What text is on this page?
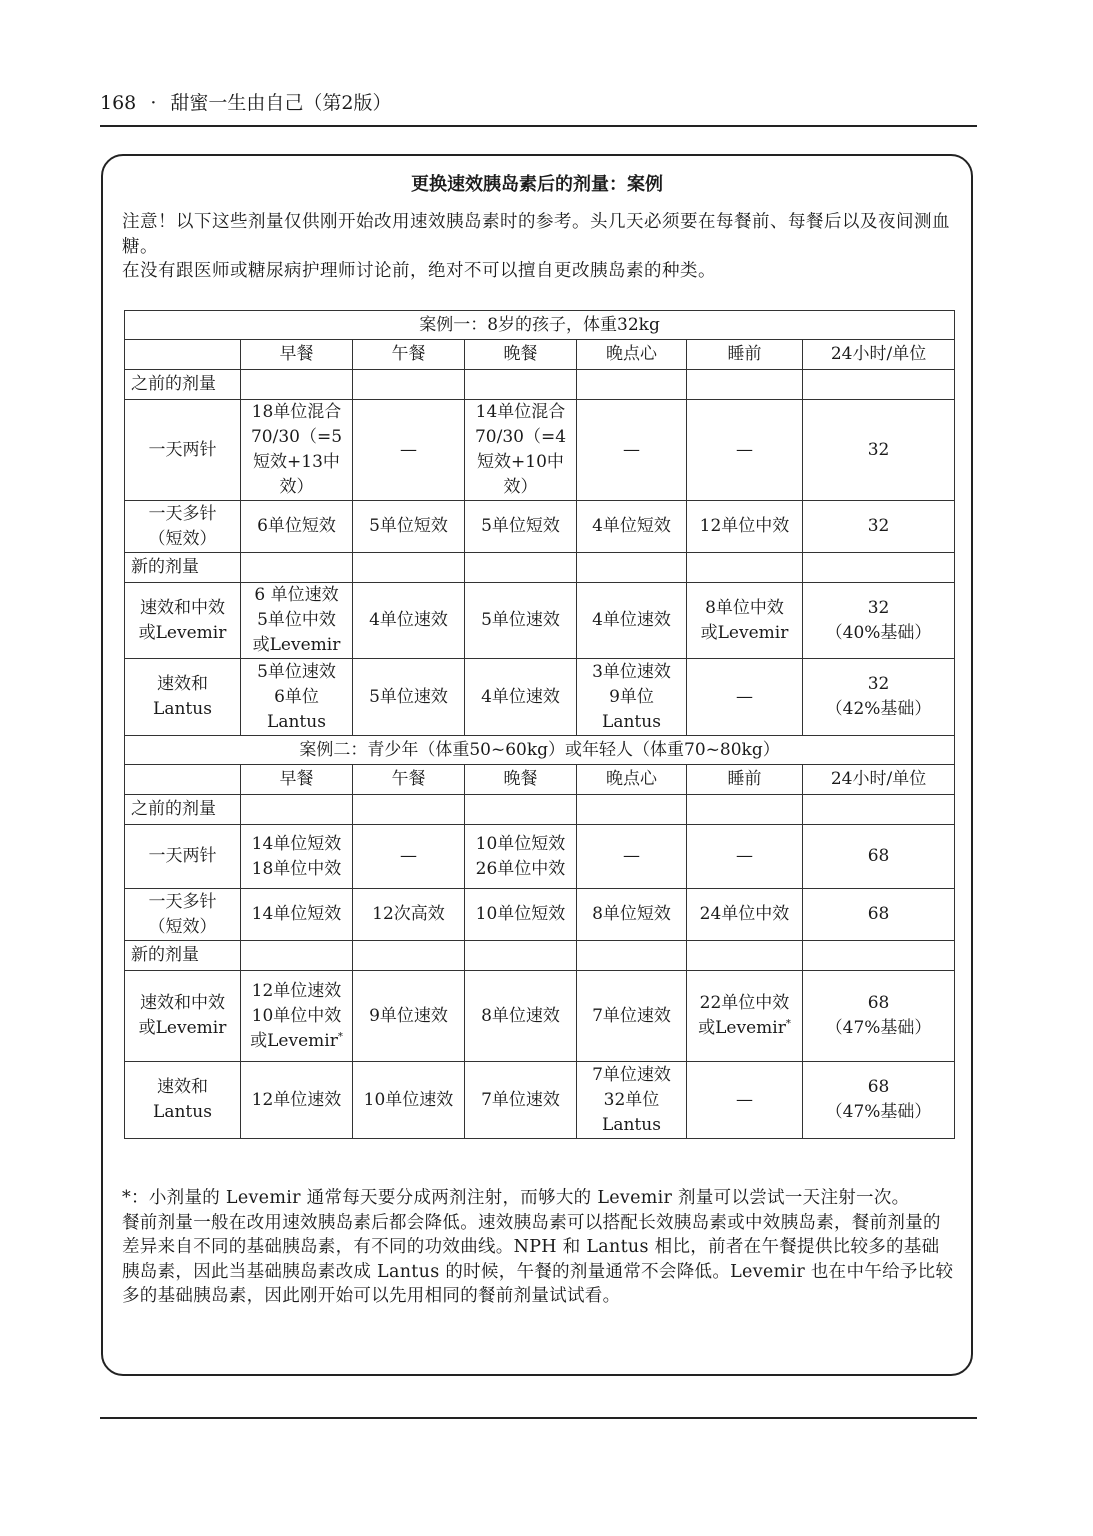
168 · 甜蜜一生由自己（第2版）
更换速效胰岛素后的剂量：案例

注意！以下这些剂量仅供刚开始改用速效胰岛素时的参考。头几天必须要在每餐前、每餐后以及夜间测血糖。

在没有跟医师或糖尿病护理师讨论前，绝对不可以擅自更改胰岛素的种类。

案例一：8岁的孩子，体重32kg						
	早餐	午餐	晚餐	晚点心	睡前	24小时/单位
之前的剂量						
一天两针	18单位混合
70/30（=5
短效+13中
效）	—	14单位混合
70/30（=4
短效+10中
效）	—	—	32
一天多针
（短效）	6单位短效	5单位短效	5单位短效	4单位短效	12单位中效	32
新的剂量						
速效和中效
或Levemir	6 单位速效
5单位中效
或Levemir	4单位速效	5单位速效	4单位速效	8单位中效
或Levemir	32
（40%基础）
速效和
Lantus	5单位速效
6单位
Lantus	5单位速效	4单位速效	3单位速效
9单位
Lantus	—	32
（42%基础）
案例二：青少年（体重50~60kg）或年轻人（体重70~80kg）						
	早餐	午餐	晚餐	晚点心	睡前	24小时/单位
之前的剂量						
一天两针	14单位短效
18单位中效	—	10单位短效
26单位中效	—	—	68
一天多针
（短效）	14单位短效	12次高效	10单位短效	8单位短效	24单位中效	68
新的剂量						
速效和中效
或Levemir	12单位速效
10单位中效
或Levemir*	9单位速效	8单位速效	7单位速效	22单位中效
或Levemir*	68
（47%基础）
速效和
Lantus	12单位速效	10单位速效	7单位速效	7单位速效
32单位
Lantus	—	68
（47%基础）

*：小剂量的 Levemir 通常每天要分成两剂注射，而够大的 Levemir 剂量可以尝试一天注射一次。

餐前剂量一般在改用速效胰岛素后都会降低。速效胰岛素可以搭配长效胰岛素或中效胰岛素，餐前剂量的差异来自不同的基础胰岛素，有不同的功效曲线。NPH 和 Lantus 相比，前者在午餐提供比较多的基础胰岛素，因此当基础胰岛素改成 Lantus 的时候，午餐的剂量通常不会降低。Levemir 也在中午给予比较多的基础胰岛素，因此刚开始可以先用相同的餐前剂量试试看。
